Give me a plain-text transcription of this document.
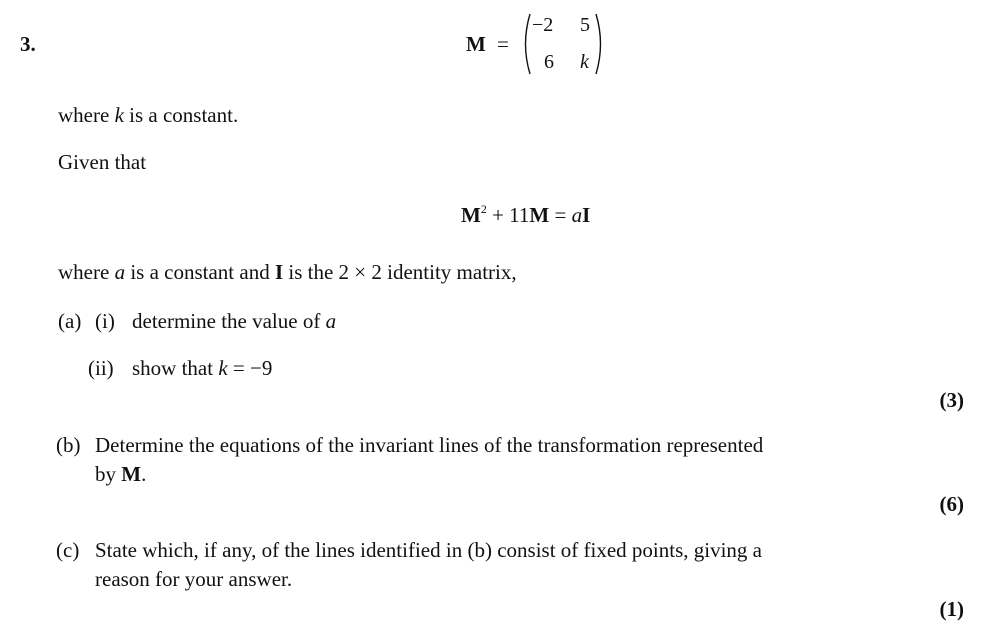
3.	M =
−2 5
6 k
where k is a constant.
Given that
$M^2 + 11M$ = aI
where a is a constant and I is the 2 × 2 identity matrix,
(a) (i) determine the value of a
(ii) show that k = −9
(3)
(b) Determine the equations of the invariant lines of the transformation represented
by M.
(6)
(c) State which, if any, of the lines identified in (b) consist of fixed points, giving a
reason for your answer.
(1)
